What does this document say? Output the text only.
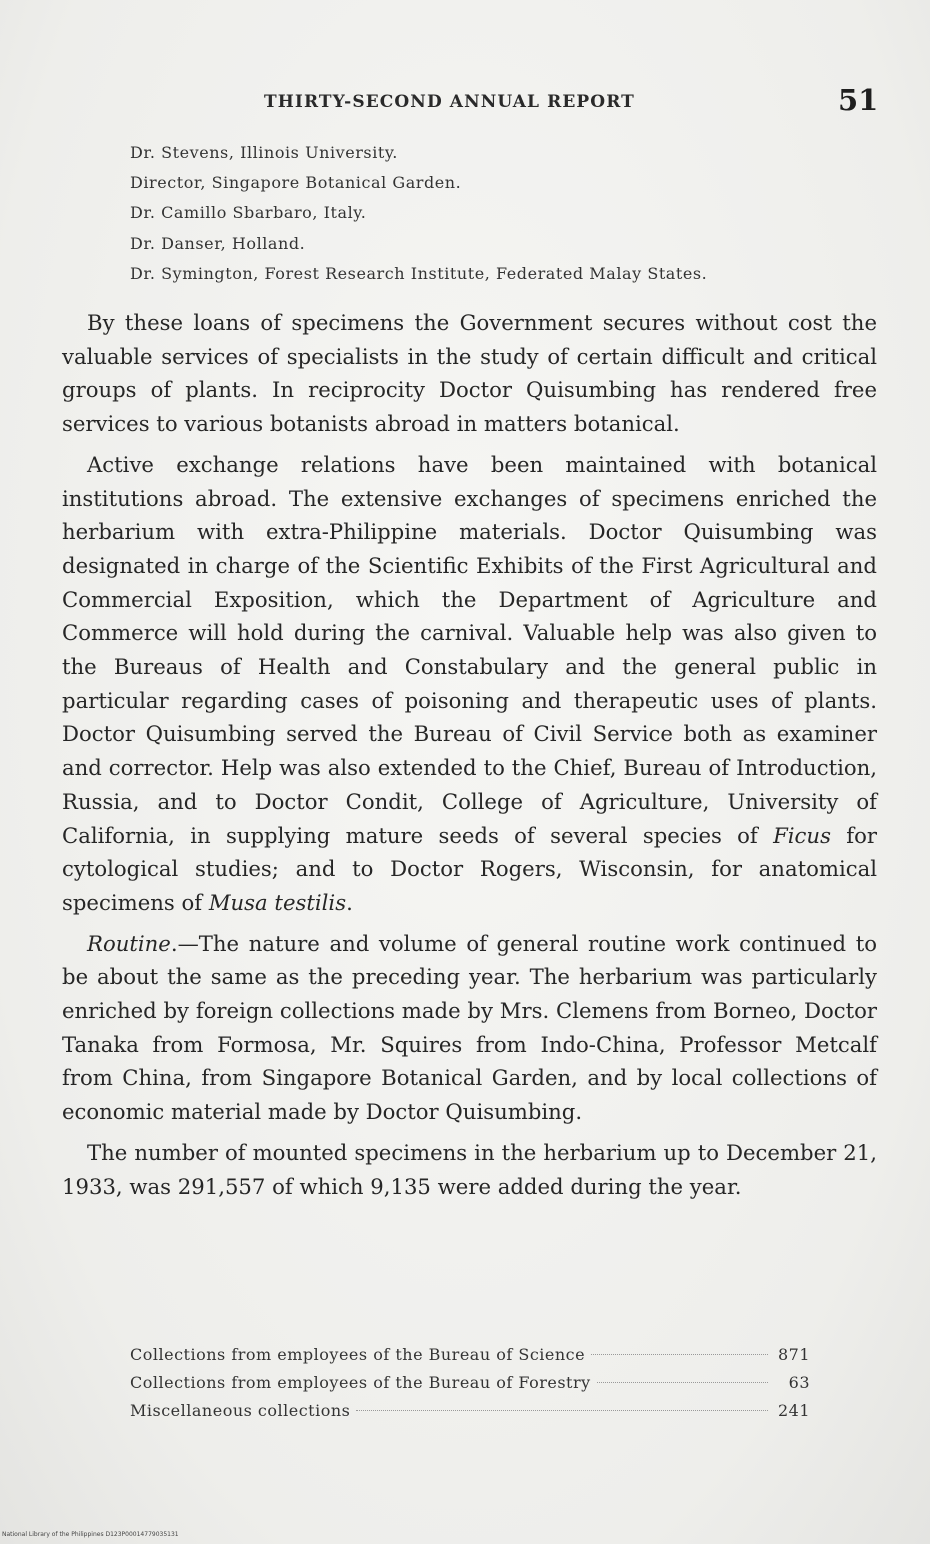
THIRTY-SECOND ANNUAL REPORT	51
Dr. Stevens, Illinois University.
Director, Singapore Botanical Garden.
Dr. Camillo Sbarbaro, Italy.
Dr. Danser, Holland.
Dr. Symington, Forest Research Institute, Federated Malay States.

By these loans of specimens the Government secures without cost the valuable services of specialists in the study of certain difficult and critical groups of plants. In reciprocity Doctor Quisumbing has rendered free services to various botanists abroad in matters botanical.

Active exchange relations have been maintained with botanical institutions abroad. The extensive exchanges of specimens enriched the herbarium with extra-Philippine materials. Doctor Quisumbing was designated in charge of the Scientific Exhibits of the First Agricultural and Commercial Exposition, which the Department of Agriculture and Commerce will hold during the carnival. Valuable help was also given to the Bureaus of Health and Constabulary and the general public in particular regarding cases of poisoning and therapeutic uses of plants. Doctor Quisumbing served the Bureau of Civil Service both as examiner and corrector. Help was also extended to the Chief, Bureau of Introduction, Russia, and to Doctor Condit, College of Agriculture, University of California, in supplying mature seeds of several species of Ficus for cytological studies; and to Doctor Rogers, Wisconsin, for anatomical specimens of Musa testilis.

Routine.—The nature and volume of general routine work continued to be about the same as the preceding year. The herbarium was particularly enriched by foreign collections made by Mrs. Clemens from Borneo, Doctor Tanaka from Formosa, Mr. Squires from Indo-China, Professor Metcalf from China, from Singapore Botanical Garden, and by local collections of economic material made by Doctor Quisumbing.

The number of mounted specimens in the herbarium up to December 21, 1933, was 291,557 of which 9,135 were added during the year.

Collections from employees of the Bureau of Science	871
Collections from employees of the Bureau of Forestry	63
Miscellaneous collections	241
National Library of the Philippines D123P00014779035131
